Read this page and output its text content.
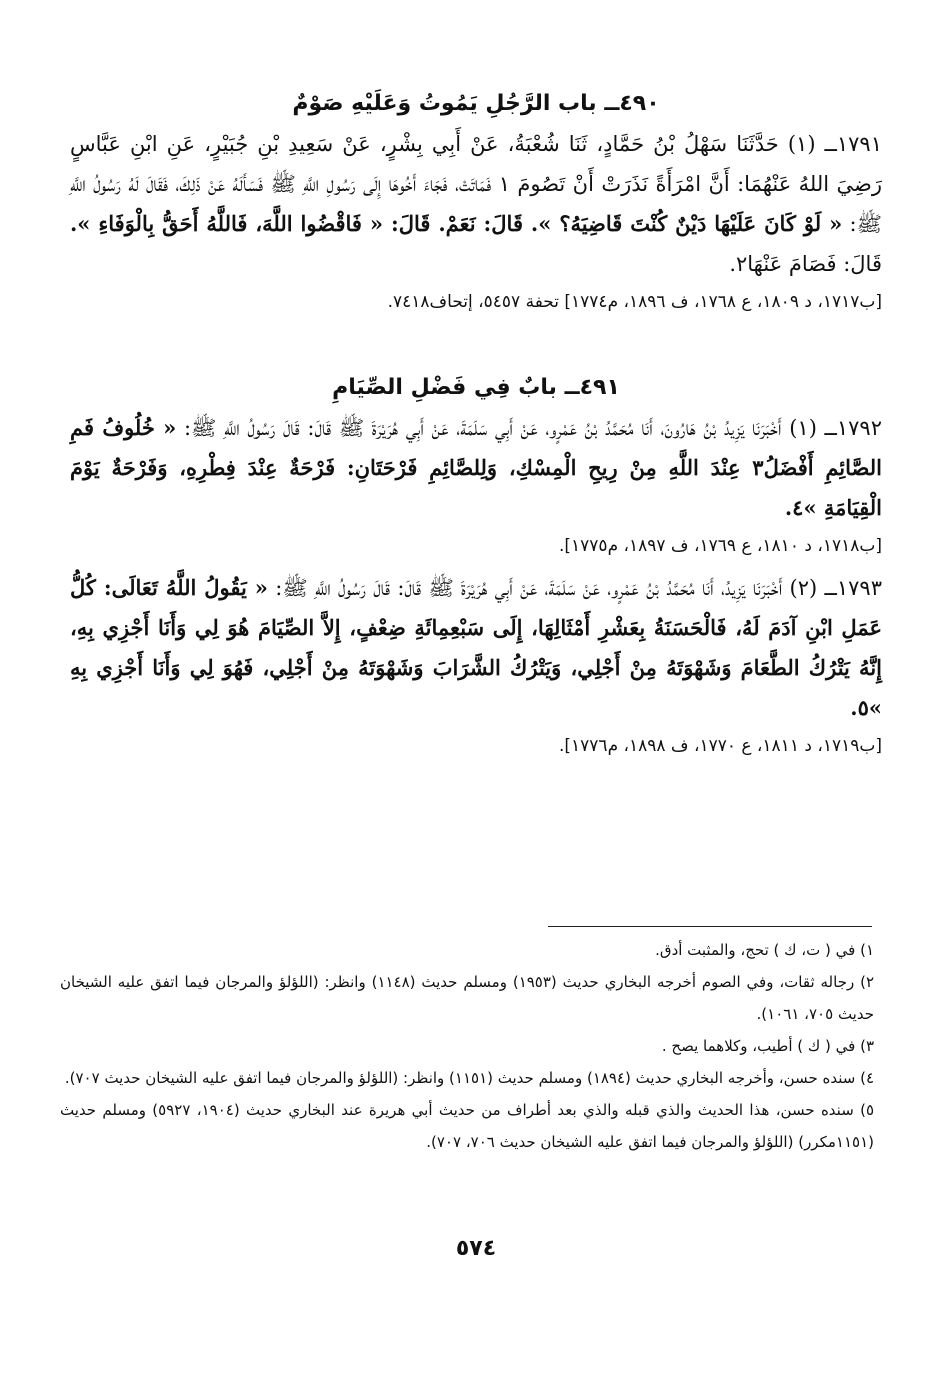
٤٩٠ــ باب الرَّجُلِ يَمُوتُ وَعَلَيْهِ صَوْمٌ

١٧٩١ــ (١) حَدَّثَنَا سَهْلُ بْنُ حَمَّادٍ، ثَنَا شُعْبَةُ، عَنْ أَبِي بِشْرٍ، عَنْ سَعِيدِ بْنِ جُبَيْرٍ، عَنِ ابْنِ عَبَّاسٍ رَضِيَ اللهُ عَنْهُمَا: أَنَّ امْرَأَةً نَذَرَتْ أَنْ تَصُومَ ١ فَمَاتَتْ، فَجَاءَ أَخُوهَا إِلَى رَسُولِ اللَّهِ ﷺ فَسَأَلَهُ عَنْ ذَلِكَ، فَقَالَ لَهُ رَسُولُ اللَّهِ ﷺ: « لَوْ كَانَ عَلَيْهَا دَيْنٌ كُنْتَ قَاضِيَهُ؟ ». قَالَ: نَعَمْ. قَالَ: « فَاقْضُوا اللَّهَ، فَاللَّهُ أَحَقُّ بِالْوَفَاءِ ». قَالَ: فَصَامَ عَنْهَا٢.

[ب١٧١٧، د ١٨٠٩، ع ١٧٦٨، ف ١٨٩٦، م١٧٧٤] تحفة ٥٤٥٧، إتحاف٧٤١٨.
٤٩١ــ بابٌ فِي فَضْلِ الصِّيَامِ

١٧٩٢ــ (١) أَخْبَرَنَا يَزِيدُ بْنُ هَارُونَ، أَنَا مُحَمَّدُ بْنُ عَمْرٍو، عَنْ أَبِي سَلَمَةَ، عَنْ أَبِي هُرَيْرَةَ ﷺ قَالَ: قَالَ رَسُولُ اللَّهِ ﷺ: « خُلُوفُ فَمِ الصَّائِمِ أَفْضَلُ٣ عِنْدَ اللَّهِ مِنْ رِيحِ الْمِسْكِ، وَلِلصَّائِمِ فَرْحَتَانِ: فَرْحَةٌ عِنْدَ فِطْرِهِ، وَفَرْحَةٌ يَوْمَ الْقِيَامَةِ »٤.

[ب١٧١٨، د ١٨١٠، ع ١٧٦٩، ف ١٨٩٧، م١٧٧٥].

١٧٩٣ــ (٢) أَخْبَرَنَا يَزِيدُ، أَنَا مُحَمَّدُ بْنُ عَمْرٍو، عَنْ سَلَمَةَ، عَنْ أَبِي هُرَيْرَةَ ﷺ قَالَ: قَالَ رَسُولُ اللَّهِ ﷺ: « يَقُولُ اللَّهُ تَعَالَى: كُلُّ عَمَلِ ابْنِ آدَمَ لَهُ، فَالْحَسَنَةُ بِعَشْرِ أَمْثَالِهَا، إِلَى سَبْعِمِائَةِ ضِعْفٍ، إِلاَّ الصِّيَامَ هُوَ لِي وَأَنَا أَجْزِي بِهِ، إِنَّهُ يَتْرُكُ الطَّعَامَ وَشَهْوَتَهُ مِنْ أَجْلِي، وَيَتْرُكُ الشَّرَابَ وَشَهْوَتَهُ مِنْ أَجْلِي، فَهُوَ لِي وَأَنَا أَجْزِي بِهِ »٥.

[ب١٧١٩، د ١٨١١، ع ١٧٧٠، ف ١٨٩٨، م١٧٧٦].

١) في ( ت، ك ) تحج، والمثبت أدق.

٢) رجاله ثقات، وفي الصوم أخرجه البخاري حديث (١٩٥٣) ومسلم حديث (١١٤٨) وانظر: (اللؤلؤ والمرجان فيما اتفق عليه الشيخان حديث ٧٠٥، ١٠٦١).

٣) في ( ك ) أطيب، وكلاهما يصح .

٤) سنده حسن، وأخرجه البخاري حديث (١٨٩٤) ومسلم حديث (١١٥١) وانظر: (اللؤلؤ والمرجان فيما اتفق عليه الشيخان حديث ٧٠٧).

٥) سنده حسن، هذا الحديث والذي قبله والذي بعد أطراف من حديث أبي هريرة عند البخاري حديث (١٩٠٤، ٥٩٢٧) ومسلم حديث (١١٥١مكرر) (اللؤلؤ والمرجان فيما اتفق عليه الشيخان حديث ٧٠٦، ٧٠٧).

٥٧٤
